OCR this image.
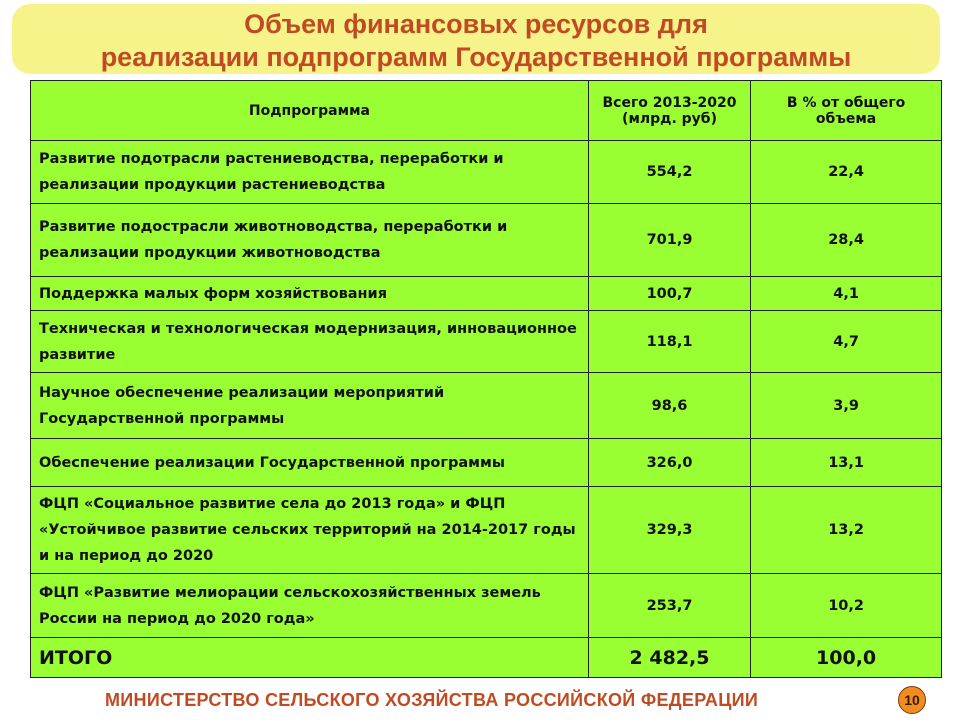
Объем финансовых ресурсов для
реализации подпрограмм Государственной программы
Подпрограмма	Всего 2013-2020 (млрд. руб)	В % от общего объема
Развитие подотрасли растениеводства, переработки и реализации продукции растениеводства	554,2	22,4
Развитие подострасли животноводства, переработки и реализации продукции животноводства	701,9	28,4
Поддержка малых форм хозяйствования	100,7	4,1
Техническая и технологическая модернизация, инновационное развитие	118,1	4,7
Научное обеспечение реализации мероприятий Государственной программы	98,6	3,9
Обеспечение реализации Государственной программы	326,0	13,1
ФЦП «Социальное развитие села до 2013 года» и ФЦП «Устойчивое развитие сельских территорий на 2014-2017 годы и на период до 2020	329,3	13,2
ФЦП «Развитие мелиорации сельскохозяйственных земель России на период до 2020 года»	253,7	10,2
ИТОГО	2 482,5	100,0
МИНИСТЕРСТВО СЕЛЬСКОГО ХОЗЯЙСТВА РОССИЙСКОЙ ФЕДЕРАЦИИ	10
